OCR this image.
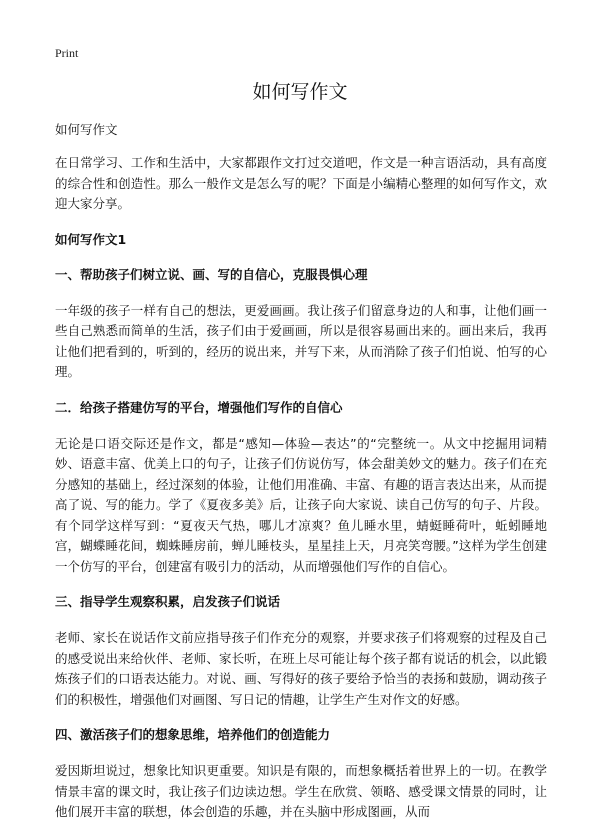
Print
如何写作文

如何写作文

在日常学习、工作和生活中，大家都跟作文打过交道吧，作文是一种言语活动，具有高度的综合性和创造性。那么一般作文是怎么写的呢？下面是小编精心整理的如何写作文，欢迎大家分享。

如何写作文1

一、帮助孩子们树立说、画、写的自信心，克服畏惧心理

一年级的孩子一样有自己的想法，更爱画画。我让孩子们留意身边的人和事，让他们画一些自己熟悉而简单的生活，孩子们由于爱画画，所以是很容易画出来的。画出来后，我再让他们把看到的，听到的，经历的说出来，并写下来，从而消除了孩子们怕说、怕写的心理。

二．给孩子搭建仿写的平台，增强他们写作的自信心

无论是口语交际还是作文，都是“感知—体验—表达”的“完整统一。从文中挖掘用词精妙、语意丰富、优美上口的句子，让孩子们仿说仿写，体会甜美妙文的魅力。孩子们在充分感知的基础上，经过深刻的体验，让他们用准确、丰富、有趣的语言表达出来，从而提高了说、写的能力。学了《夏夜多美》后，让孩子向大家说、读自己仿写的句子、片段。有个同学这样写到：“夏夜天气热，哪儿才凉爽？鱼儿睡水里，蜻蜓睡荷叶，蚯蚓睡地宫，蝴蝶睡花间，蜘蛛睡房前，蝉儿睡枝头，星星挂上天，月亮笑弯腰。”这样为学生创建一个仿写的平台，创建富有吸引力的活动，从而增强他们写作的自信心。

三、指导学生观察积累，启发孩子们说话

老师、家长在说话作文前应指导孩子们作充分的观察，并要求孩子们将观察的过程及自己的感受说出来给伙伴、老师、家长听，在班上尽可能让每个孩子都有说话的机会，以此锻炼孩子们的口语表达能力。对说、画、写得好的孩子要给予恰当的表扬和鼓励，调动孩子们的积极性，增强他们对画图、写日记的情趣，让学生产生对作文的好感。

四、激活孩子们的想象思维，培养他们的创造能力

爱因斯坦说过，想象比知识更重要。知识是有限的，而想象概括着世界上的一切。在教学情景丰富的课文时，我让孩子们边读边想。学生在欣赏、领略、感受课文情景的同时，让他们展开丰富的联想，体会创造的乐趣，并在头脑中形成图画，从而
